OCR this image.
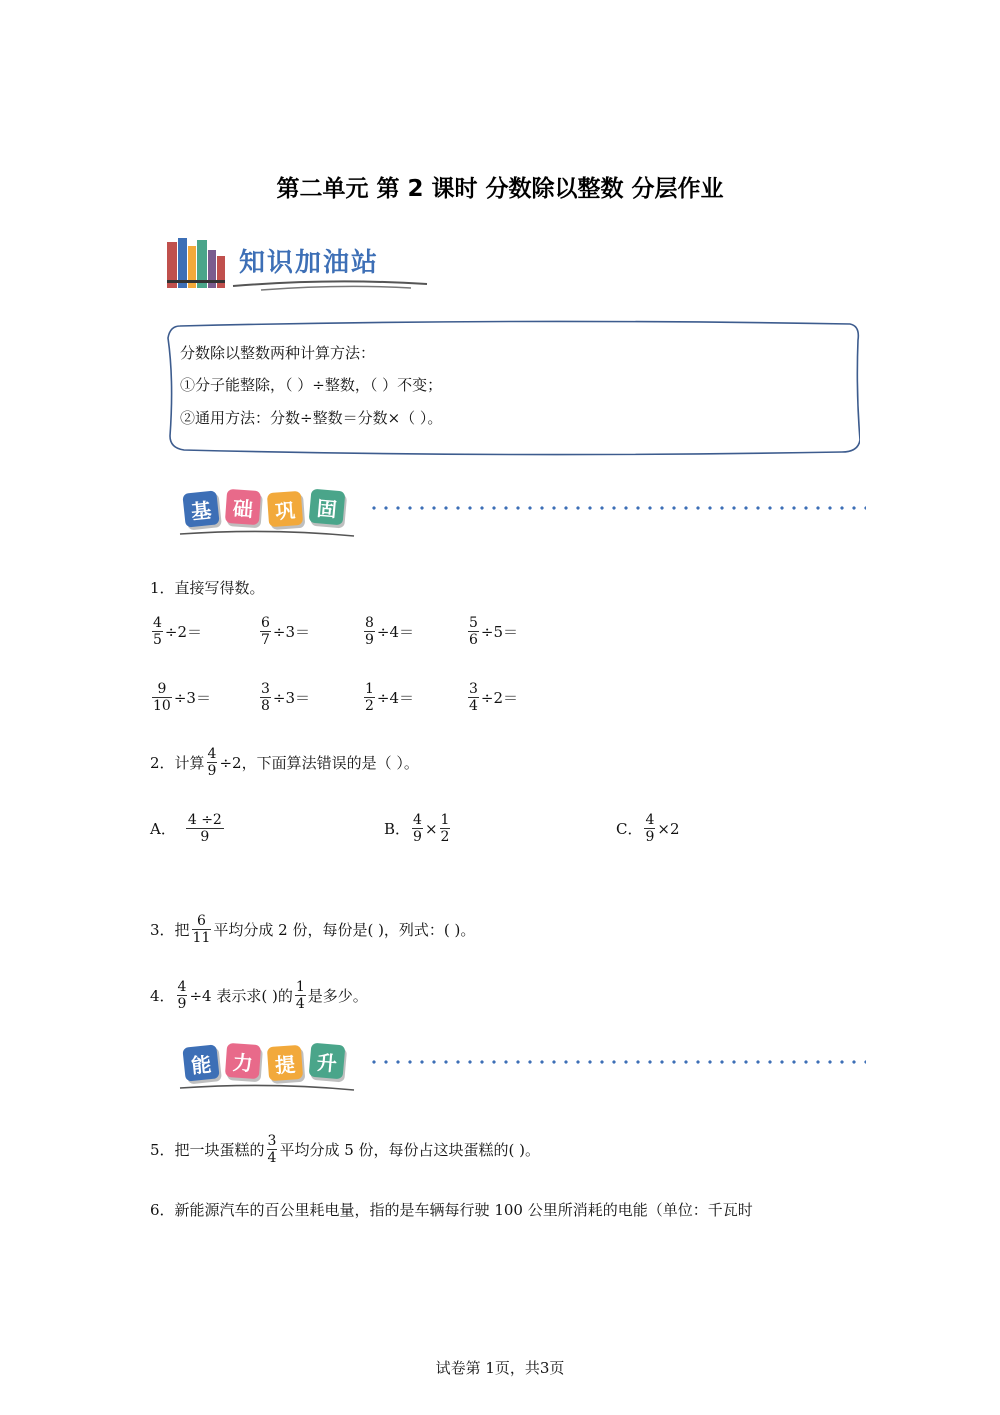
第二单元 第 2 课时 分数除以整数 分层作业
知识加油站
分数除以整数两种计算方法：
①分子能整除，（ ）÷整数，（ ）不变；
②通用方法：分数÷整数＝分数×（ ）。
基 础	巩 固
1．直接写得数。
$\frac{4}{5} \div 2=$	$\frac{6}{7} \div 3=$	$\frac{8}{9} \div 4=$	$\frac{5}{6} \div 5=$
$\frac{9}{10} \div 3=$	$\frac{3}{8} \div 3=$	$\frac{1}{2} \div 4=$	$\frac{3}{4} \div 2=$
2．计算 $\frac{4}{9} \div 2$，下面算法错误的是（ ）。
A． $\frac{4 \div 2}{9}$	B． $\frac{4}{9} \times \frac{1}{2}$	C． $\frac{4}{9} \times 2$
3．把 $\frac{6}{11}$ 平均分成 2 份，每份是( )，列式：( )。
4． $\frac{4}{9} \div 4$ 表示求( )的 $\frac{1}{4}$ 是多少。
能 力	提 升
5．把一块蛋糕的 $\frac{3}{4}$ 平均分成 5 份，每份占这块蛋糕的( )。
6．新能源汽车的百公里耗电量，指的是车辆每行驶 100 公里所消耗的电能（单位：千瓦时
试卷第 1页，共3页
